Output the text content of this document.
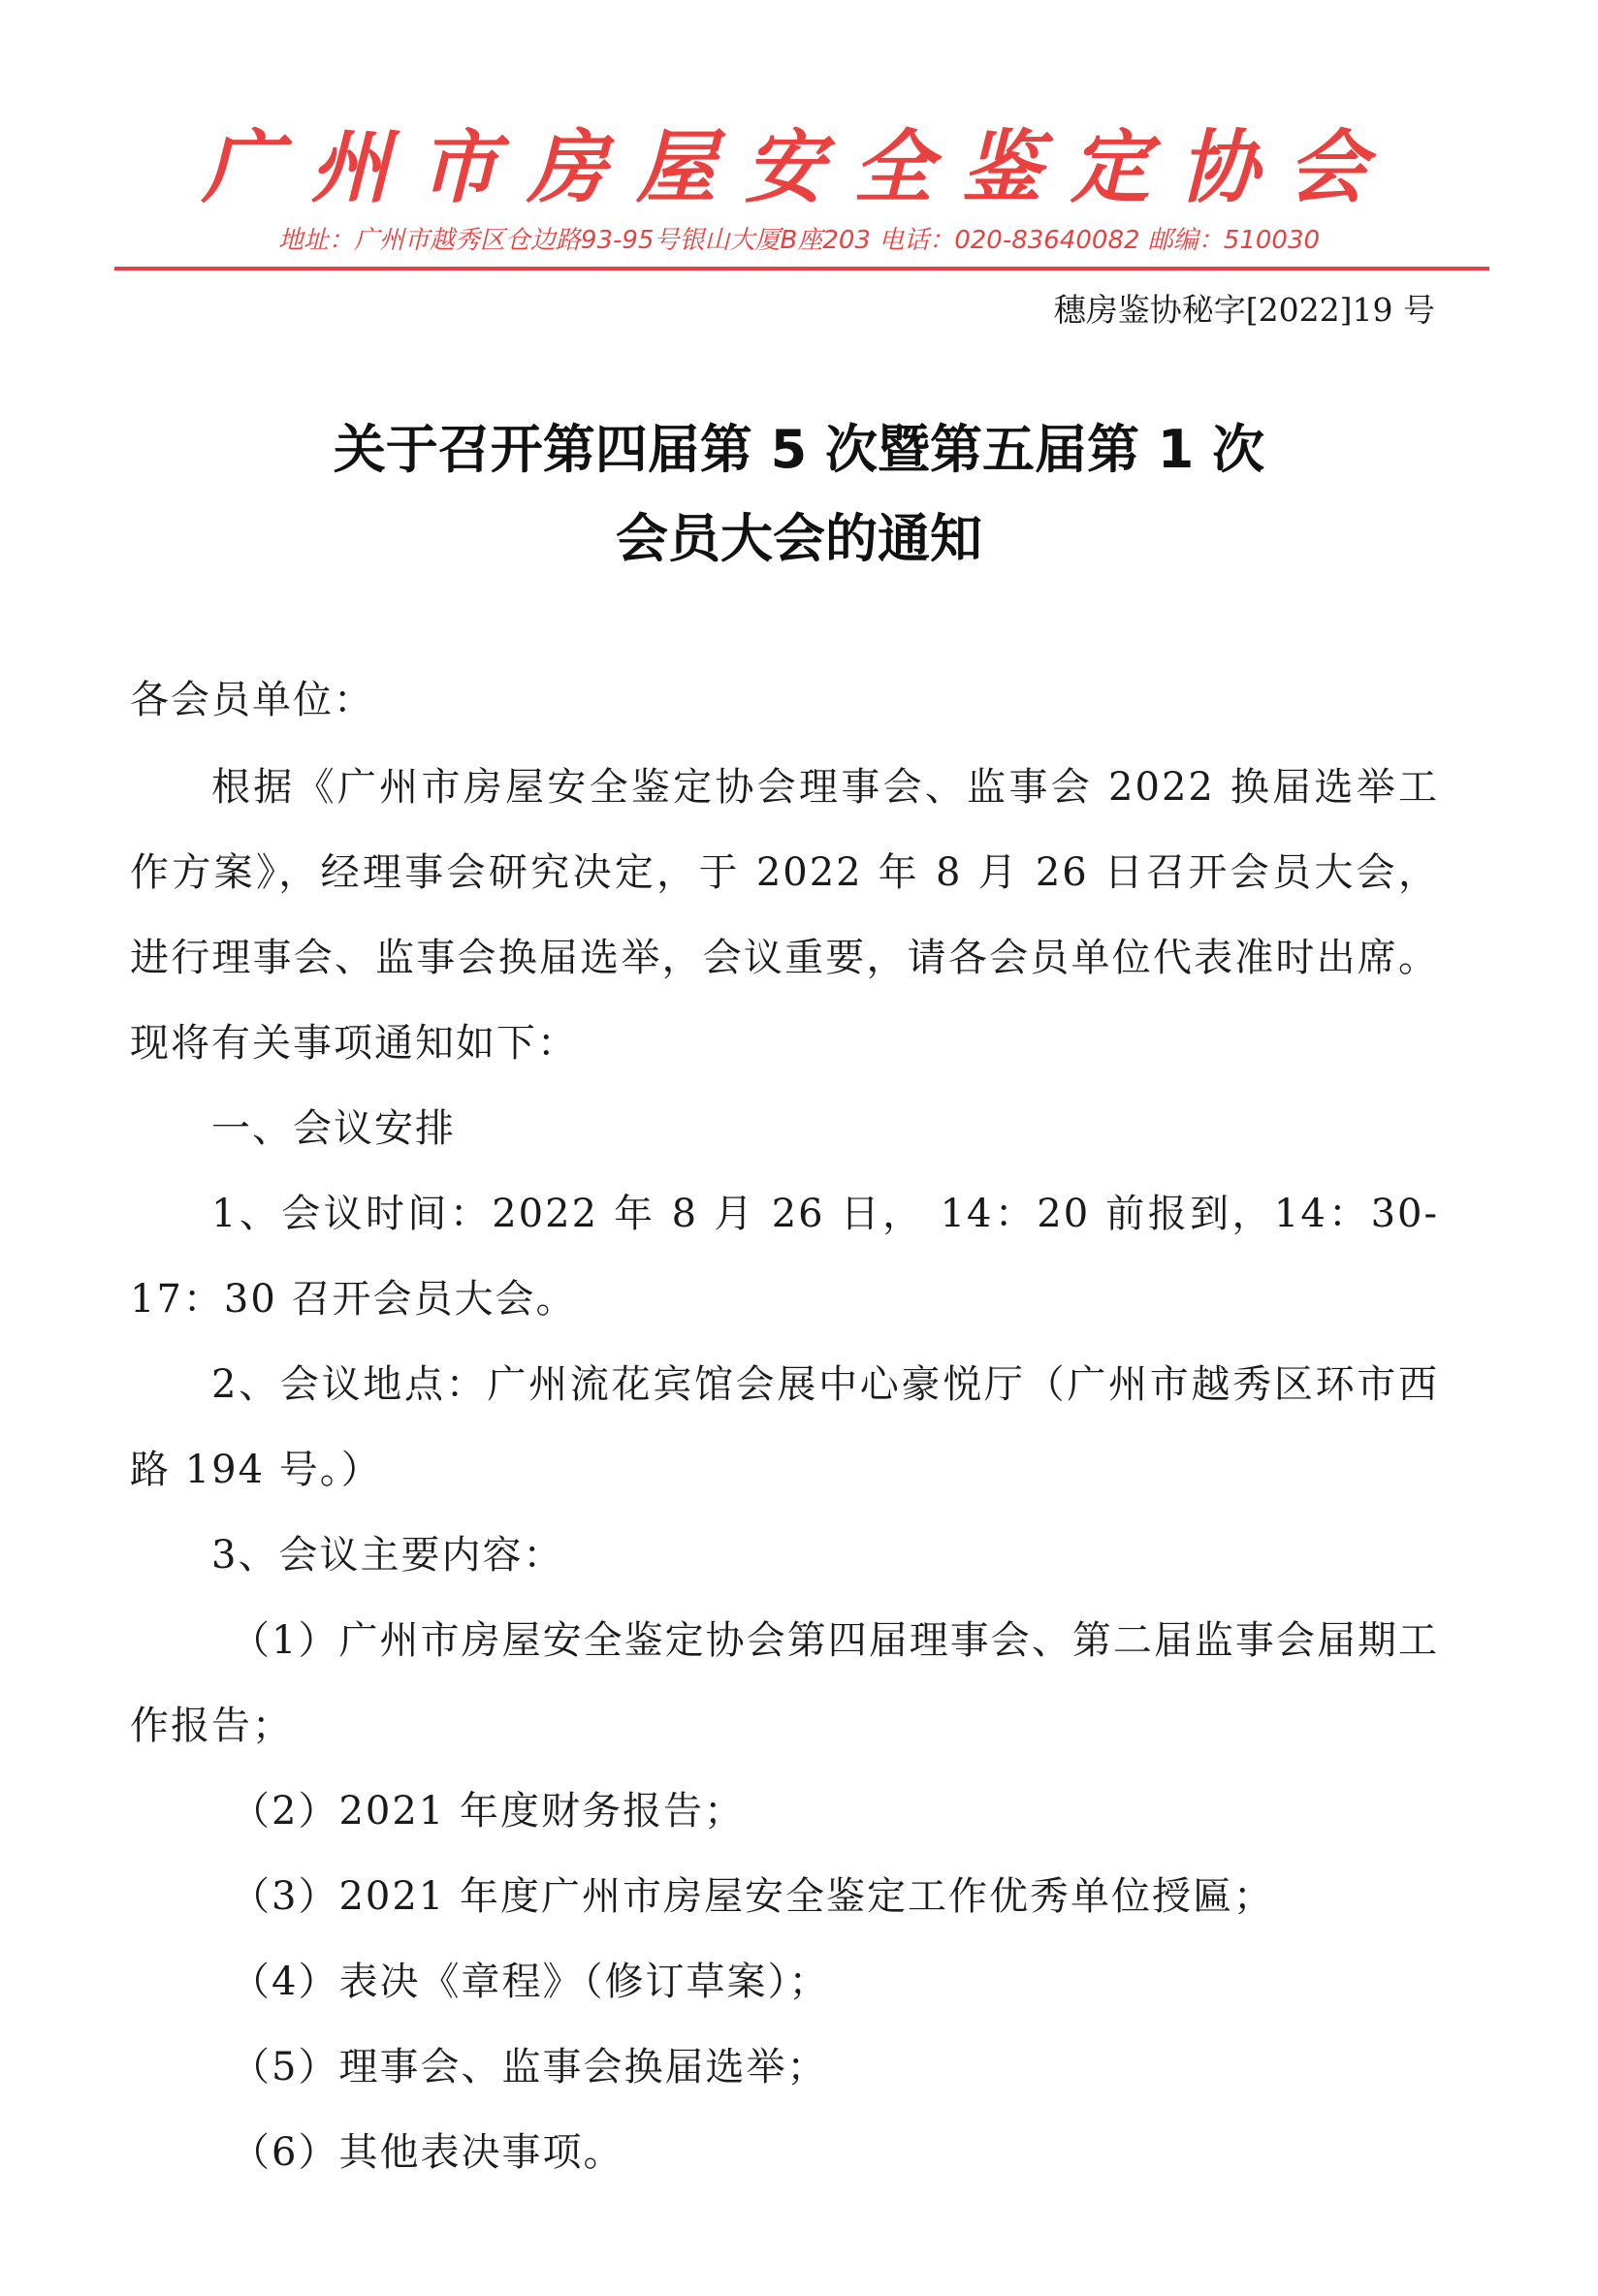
广州市房屋安全鉴定协会
地址：广州市越秀区仓边路93-95号银山大厦B座203 电话：020-83640082 邮编：510030
穗房鉴协秘字[2022]19 号
关于召开第四届第 5 次暨第五届第 1 次
会员大会的通知
各会员单位：
根据《广州市房屋安全鉴定协会理事会、监事会 2022 换届选举工作方案》，经理事会研究决定，于 2022 年 8 月 26 日召开会员大会，进行理事会、监事会换届选举，会议重要，请各会员单位代表准时出席。现将有关事项通知如下：
一、会议安排
1、会议时间：2022 年 8 月 26 日， 14：20 前报到，14：30-17：30 召开会员大会。
2、会议地点：广州流花宾馆会展中心豪悦厅（广州市越秀区环市西路 194 号。）
3、会议主要内容：
（1）广州市房屋安全鉴定协会第四届理事会、第二届监事会届期工作报告；
（2）2021 年度财务报告；
（3）2021 年度广州市房屋安全鉴定工作优秀单位授匾；
（4）表决《章程》（修订草案）；
（5）理事会、监事会换届选举；
（6）其他表决事项。
